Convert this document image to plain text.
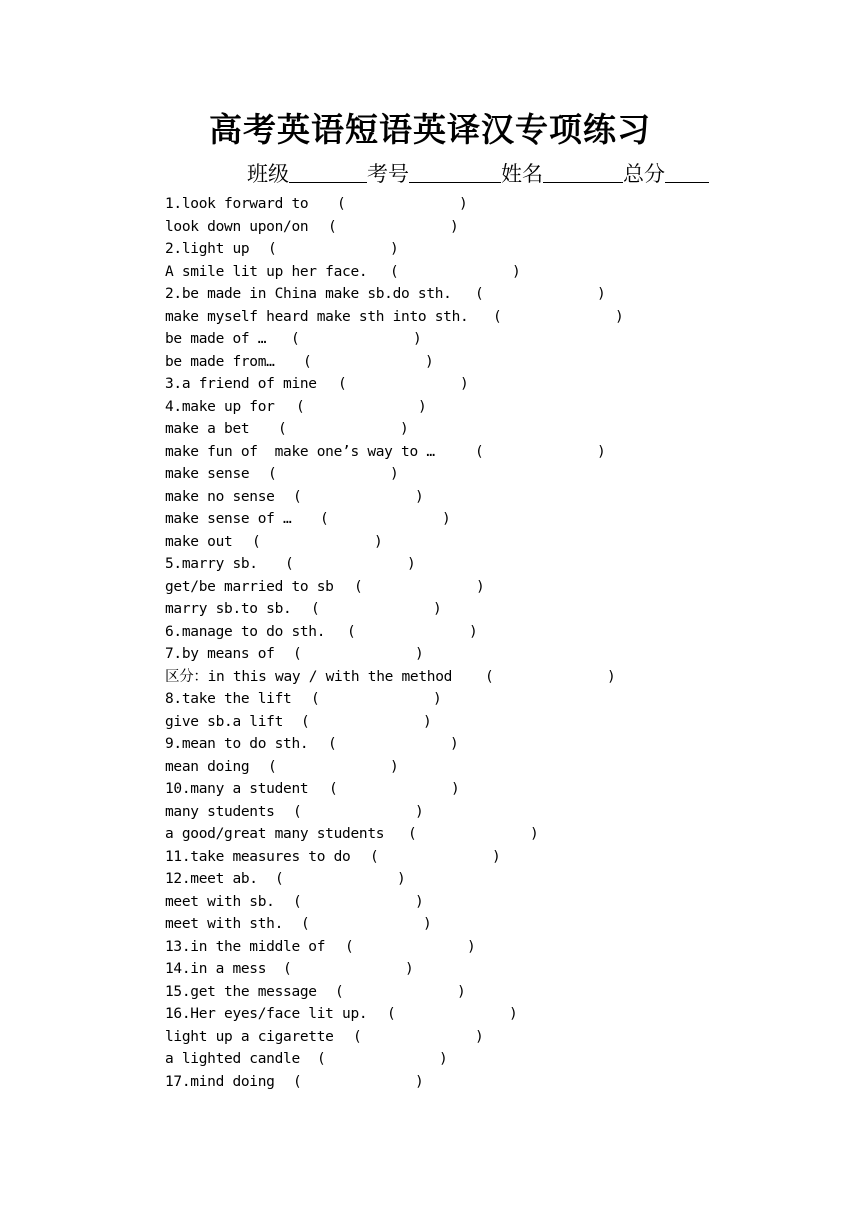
高考英语短语英译汉专项练习
班级	考号	姓名	总分
1.look forward to (	)
look down upon/on (	)
2.light up (	)
A smile lit up her face. (	)
2.be made in China make sb.do sth. (	)
make myself heard make sth into sth. (	)
be made of … (	)
be made from… (	)
3.a friend of mine (	)
4.make up for (	)
make a bet (	)
make fun of  make one’s way to …	(	)
make sense (	)
make no sense (	)
make sense of … (	)
make out (	)
5.marry sb. (	)
get/be married to sb (	)
marry sb.to sb. (	)
6.manage to do sth. (	)
7.by means of (	)
区分：in this way / with the method (	)
8.take the lift (	)
give sb.a lift (	)
9.mean to do sth. (	)
mean doing (	)
10.many a student (	)
many students (	)
a good/great many students (	)
11.take measures to do (	)
12.meet ab. (	)
meet with sb. (	)
meet with sth. (	)
13.in the middle of (	)
14.in a mess (	)
15.get the message (	)
16.Her eyes/face lit up. (	)
light up a cigarette (	)
a lighted candle (	)
17.mind doing (	)
